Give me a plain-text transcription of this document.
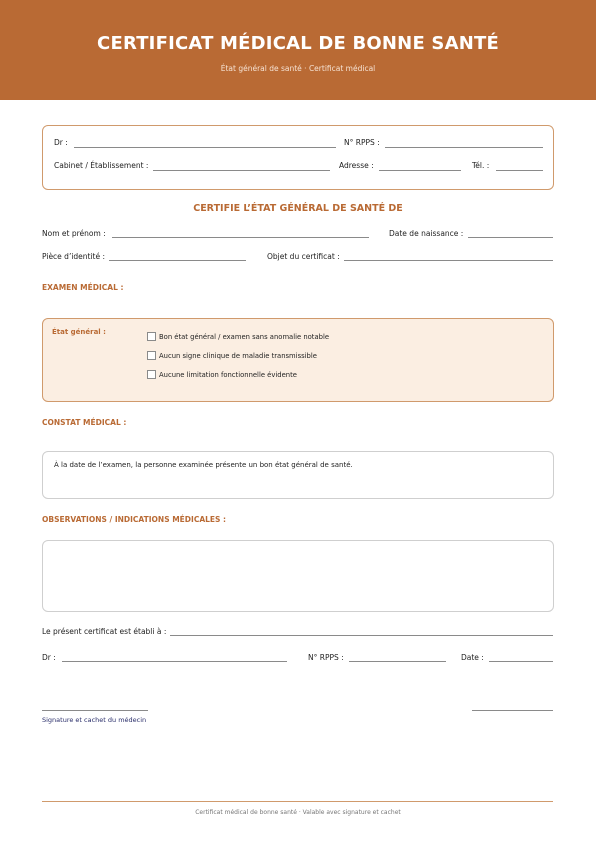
CERTIFICAT MÉDICAL DE BONNE SANTÉ
État général de santé · Certificat médical
Dr :	N° RPPS :
Cabinet / Établissement :	Adresse :	Tél. :
CERTIFIE L’ÉTAT GÉNÉRAL DE SANTÉ DE
Nom et prénom :	Date de naissance :
Pièce d’identité :	Objet du certificat :
EXAMEN MÉDICAL :
État général :
Bon état général / examen sans anomalie notable
Aucun signe clinique de maladie transmissible
Aucune limitation fonctionnelle évidente
CONSTAT MÉDICAL :
À la date de l’examen, la personne examinée présente un bon état général de santé.
OBSERVATIONS / INDICATIONS MÉDICALES :
Le présent certificat est établi à :
Dr :	N° RPPS :	Date :
Signature et cachet du médecin
Certificat médical de bonne santé · Valable avec signature et cachet
